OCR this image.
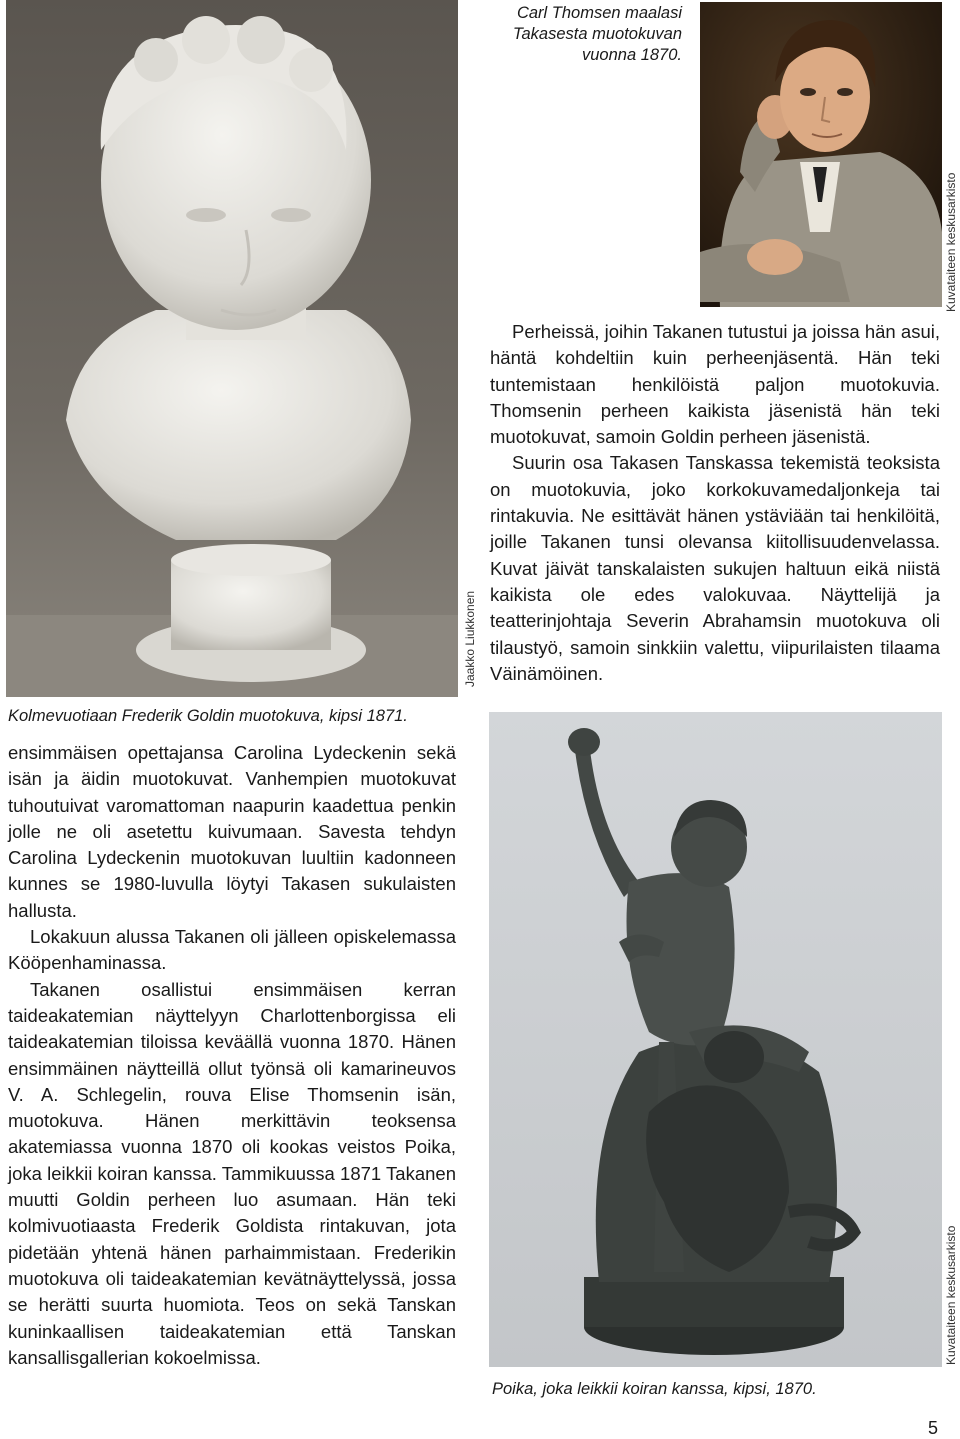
Jaakko Liukkonen
Kolmevuotiaan Frederik Goldin muotokuva, kipsi 1871.
Carl Thomsen maalasi
Takasesta muotokuvan
vuonna 1870.
Kuvataiteen keskusarkisto

Perheissä, joihin Takanen tutustui ja joissa hän asui, häntä kohdeltiin kuin perheenjäsentä. Hän teki tuntemistaan henkilöistä paljon muotokuvia. Thomsenin perheen kaikista jäsenistä hän teki muotokuvat, samoin Goldin perheen jäsenistä.

Suurin osa Takasen Tanskassa tekemistä teoksista on muotokuvia, joko korkokuvamedaljonkeja tai rintakuvia. Ne esittävät hänen ystäviään tai henkilöitä, joille Takanen tunsi olevansa kiitollisuudenvelassa. Kuvat jäivät tanskalaisten sukujen haltuun eikä niistä kaikista ole edes valokuvaa. Näyttelijä ja teatterinjohtaja Severin Abrahamsin muotokuva oli tilaustyö, samoin sinkkiin valettu, viipurilaisten tilaama Väinämöinen.

Kuvataiteen keskusarkisto
Poika, joka leikkii koiran kanssa, kipsi, 1870.

ensimmäisen opettajansa Carolina Lydeckenin sekä isän ja äidin muotokuvat. Vanhempien muotokuvat tuhoutuivat varomattoman naapurin kaadettua penkin jolle ne oli asetettu kuivumaan. Savesta tehdyn Carolina Lydeckenin muotokuvan luultiin kadonneen kunnes se 1980-luvulla löytyi Takasen sukulaisten hallusta.

Lokakuun alussa Takanen oli jälleen opiskelemassa Kööpenhaminassa.

Takanen osallistui ensimmäisen kerran taideakatemian näyttelyyn Charlottenborgissa eli taideakatemian tiloissa keväällä vuonna 1870. Hänen ensimmäinen näytteillä ollut työnsä oli kamarineuvos V. A. Schlegelin, rouva Elise Thomsenin isän, muotokuva. Hänen merkittävin teoksensa akatemiassa vuonna 1870 oli kookas veistos Poika, joka leikkii koiran kanssa. Tammikuussa 1871 Takanen muutti Goldin perheen luo asumaan. Hän teki kolmivuotiaasta Frederik Goldista rintakuvan, jota pidetään yhtenä hänen parhaimmistaan. Frederikin muotokuva oli taideakatemian kevätnäyttelyssä, jossa se herätti suurta huomiota. Teos on sekä Tanskan kuninkaallisen taideakatemian että Tanskan kansallisgallerian kokoelmissa.

5
